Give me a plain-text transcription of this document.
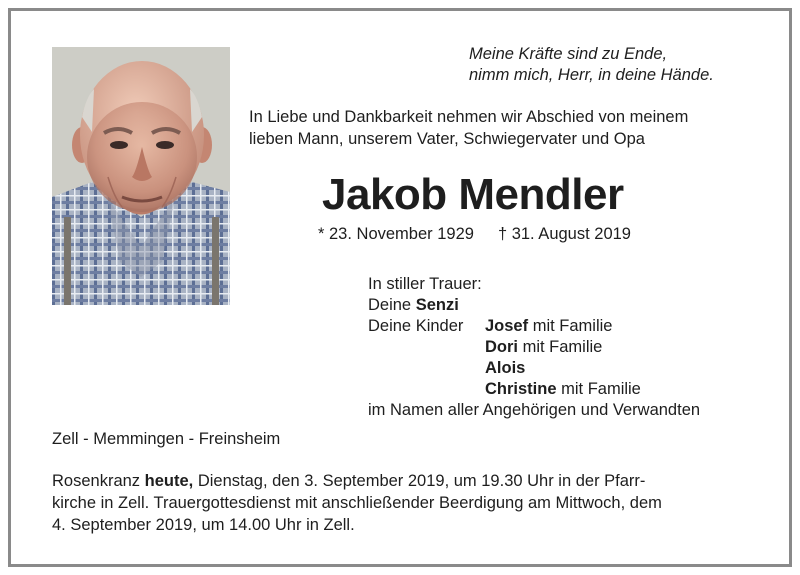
Meine Kräfte sind zu Ende,
nimm mich, Herr, in deine Hände.
In Liebe und Dankbarkeit nehmen wir Abschied von meinem
lieben Mann, unserem Vater, Schwiegervater und Opa
Jakob Mendler
* 23. November 1929 † 31. August 2019
In stiller Trauer:
Deine Senzi
Deine Kinder Josef mit Familie
Dori mit Familie
Alois
Christine mit Familie
im Namen aller Angehörigen und Verwandten
Zell - Memmingen - Freinsheim
Rosenkranz heute, Dienstag, den 3. September 2019, um 19.30 Uhr in der Pfarr-
kirche in Zell. Trauergottesdienst mit anschließender Beerdigung am Mittwoch, dem
4. September 2019, um 14.00 Uhr in Zell.
